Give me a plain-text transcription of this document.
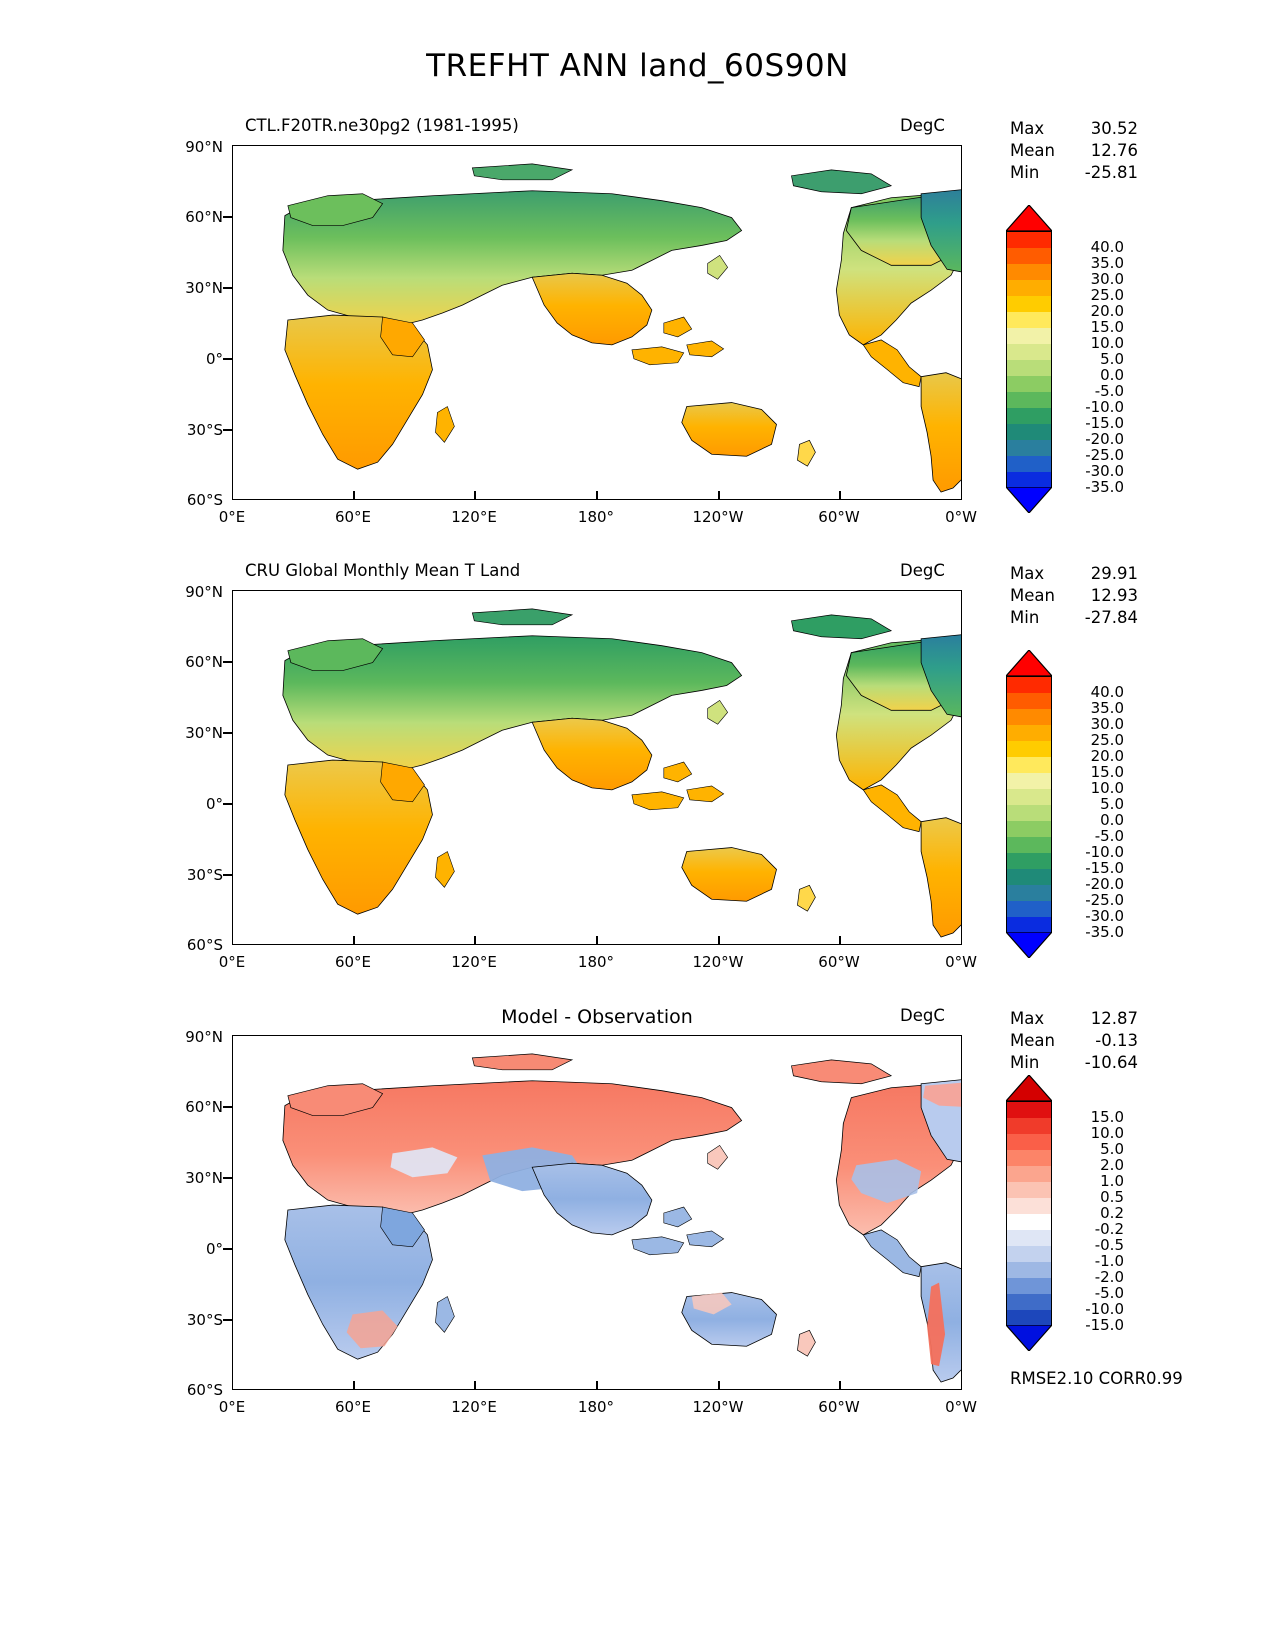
TREFHT ANN land_60S90N
CTL.F20TR.ne30pg2 (1981-1995)	DegC
90°N
60°N
30°N
0°
30°S
60°S
0°E	60°E	120°E	180°	120°W	60°W	0°W
Max	30.52
Mean 12.76
Min	-25.81
40.0
35.0
30.0
25.0
20.0
15.0
10.0
5.0
0.0
-5.0
-10.0
-15.0
-20.0
-25.0
-30.0
-35.0
CRU Global Monthly Mean T Land	DegC
90°N
60°N
30°N
0°
30°S
60°S
0°E	60°E	120°E	180°	120°W	60°W	0°W
Max	29.91
Mean 12.93
Min	-27.84
40.0
35.0
30.0
25.0
20.0
15.0
10.0
5.0
0.0
-5.0
-10.0
-15.0
-20.0
-25.0
-30.0
-35.0
Model - Observation	DegC
90°N
60°N
30°N
0°
30°S
60°S
0°E	60°E	120°E	180°	120°W	60°W	0°W
Max	12.87
Mean -0.13
Min	-10.64
15.0
10.0
5.0
2.0
1.0
0.5
0.2
-0.2
-0.5
-1.0
-2.0
-5.0
-10.0
-15.0
RMSE2.10 CORR0.99
